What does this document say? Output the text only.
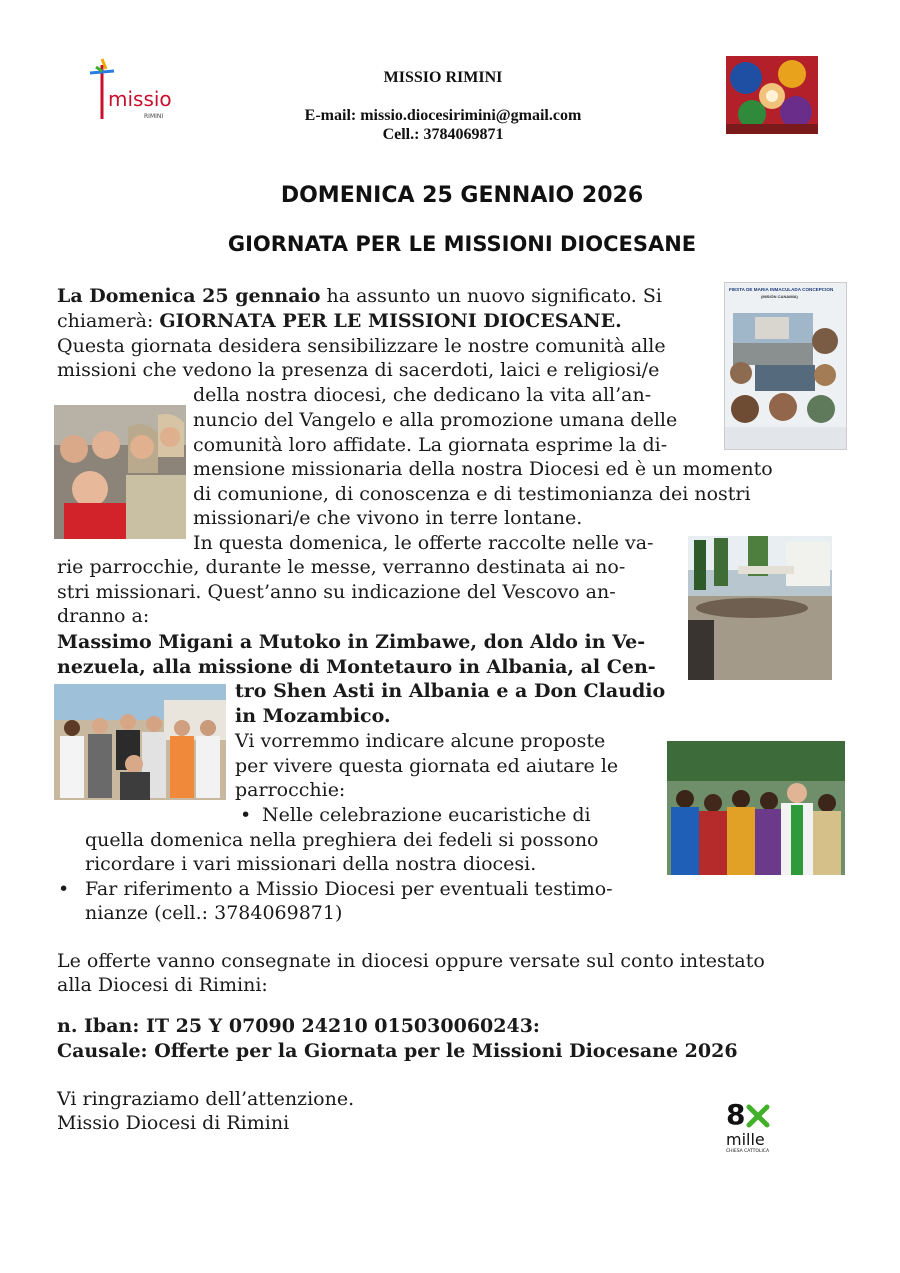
missio
RIMINI
MISSIO RIMINI
E-mail: missio.diocesirimini@gmail.com
Cell.: 3784069871
DOMENICA 25 GENNAIO 2026
GIORNATA PER LE MISSIONI DIOCESANE
FIESTA DE MARIA INMACULADA CONCEPCION
(MISIÓN CANAIMA)
La Domenica 25 gennaio ha assunto un nuovo significato. Si
chiamerà: GIORNATA PER LE MISSIONI DIOCESANE.
Questa giornata desidera sensibilizzare le nostre comunità alle
missioni che vedono la presenza di sacerdoti, laici e religiosi/e
della nostra diocesi, che dedicano la vita all’an-
nuncio del Vangelo e alla promozione umana delle
comunità loro affidate. La giornata esprime la di-
mensione missionaria della nostra Diocesi ed è un momento
di comunione, di conoscenza e di testimonianza dei nostri
missionari/e che vivono in terre lontane.
In questa domenica, le offerte raccolte nelle va-
rie parrocchie, durante le messe, verranno destinata ai no-
stri missionari. Quest’anno su indicazione del Vescovo an-
dranno a:
Massimo Migani a Mutoko in Zimbawe, don Aldo in Ve-
nezuela, alla missione di Montetauro in Albania, al Cen-
tro Shen Asti in Albania e a Don Claudio
in Mozambico.
Vi vorremmo indicare alcune proposte
per vivere questa giornata ed aiutare le
parrocchie:
• Nelle celebrazione eucaristiche di
quella domenica nella preghiera dei fedeli si possono
ricordare i vari missionari della nostra diocesi.
• Far riferimento a Missio Diocesi per eventuali testimo-
nianze (cell.: 3784069871)
Le offerte vanno consegnate in diocesi oppure versate sul conto intestato
alla Diocesi di Rimini:
n. Iban: IT 25 Y 07090 24210 015030060243:
Causale: Offerte per la Giornata per le Missioni Diocesane 2026
Vi ringraziamo dell’attenzione.
Missio Diocesi di Rimini	8
mille
CHIESA CATTOLICA
